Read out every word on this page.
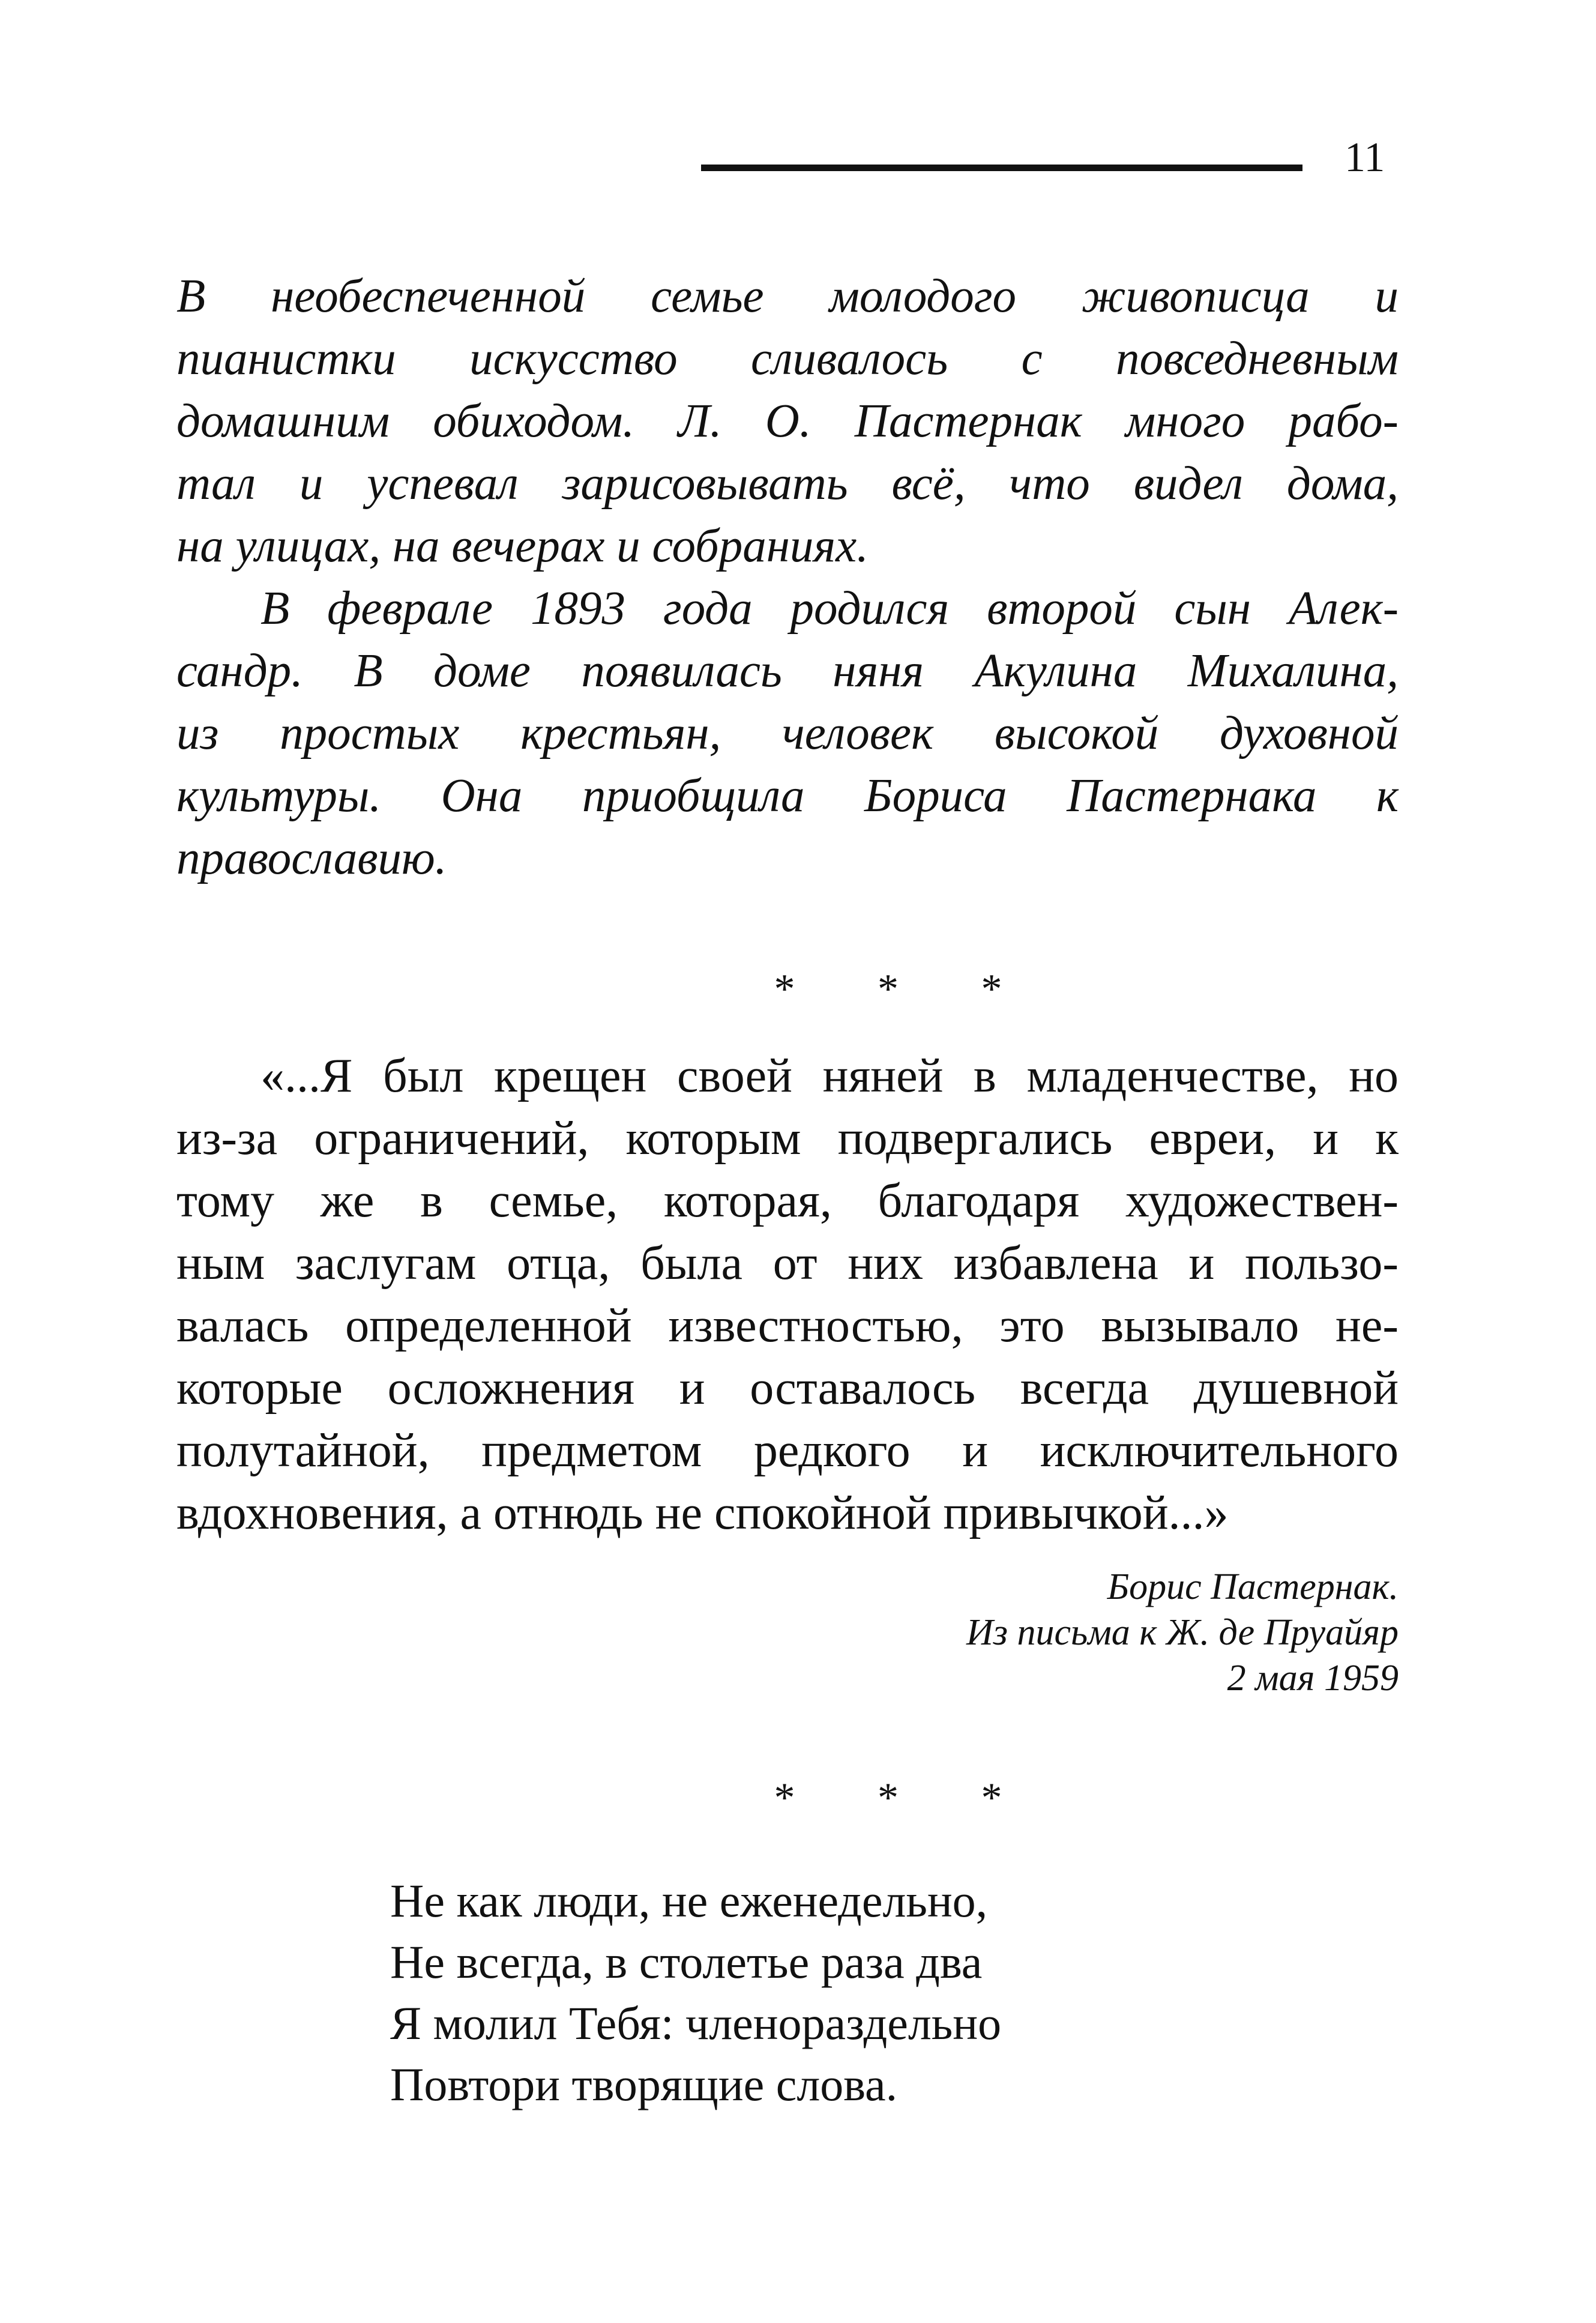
11
В необеспеченной семье молодого живописца и
пианистки искусство сливалось с повседневным
домашним обиходом. Л. О. Пастернак много рабо-
тал и успевал зарисовывать всё, что видел дома,
на улицах, на вечерах и собраниях.
В феврале 1893 года родился второй сын Алек-
сандр. В доме появилась няня Акулина Михалина,
из простых крестьян, человек высокой духовной
культуры. Она приобщила Бориса Пастернака к
православию.
* * *
«...Я был крещен своей няней в младенчестве, но
из-за ограничений, которым подвергались евреи, и к
тому же в семье, которая, благодаря художествен-
ным заслугам отца, была от них избавлена и пользо-
валась определенной известностью, это вызывало не-
которые осложнения и оставалось всегда душевной
полутайной, предметом редкого и исключительного
вдохновения, а отнюдь не спокойной привычкой...»
Борис Пастернак.
Из письма к Ж. де Пруайяр
2 мая 1959
* * *
Не как люди, не еженедельно,
Не всегда, в столетье раза два
Я молил Тебя: членораздельно
Повтори творящие слова.
